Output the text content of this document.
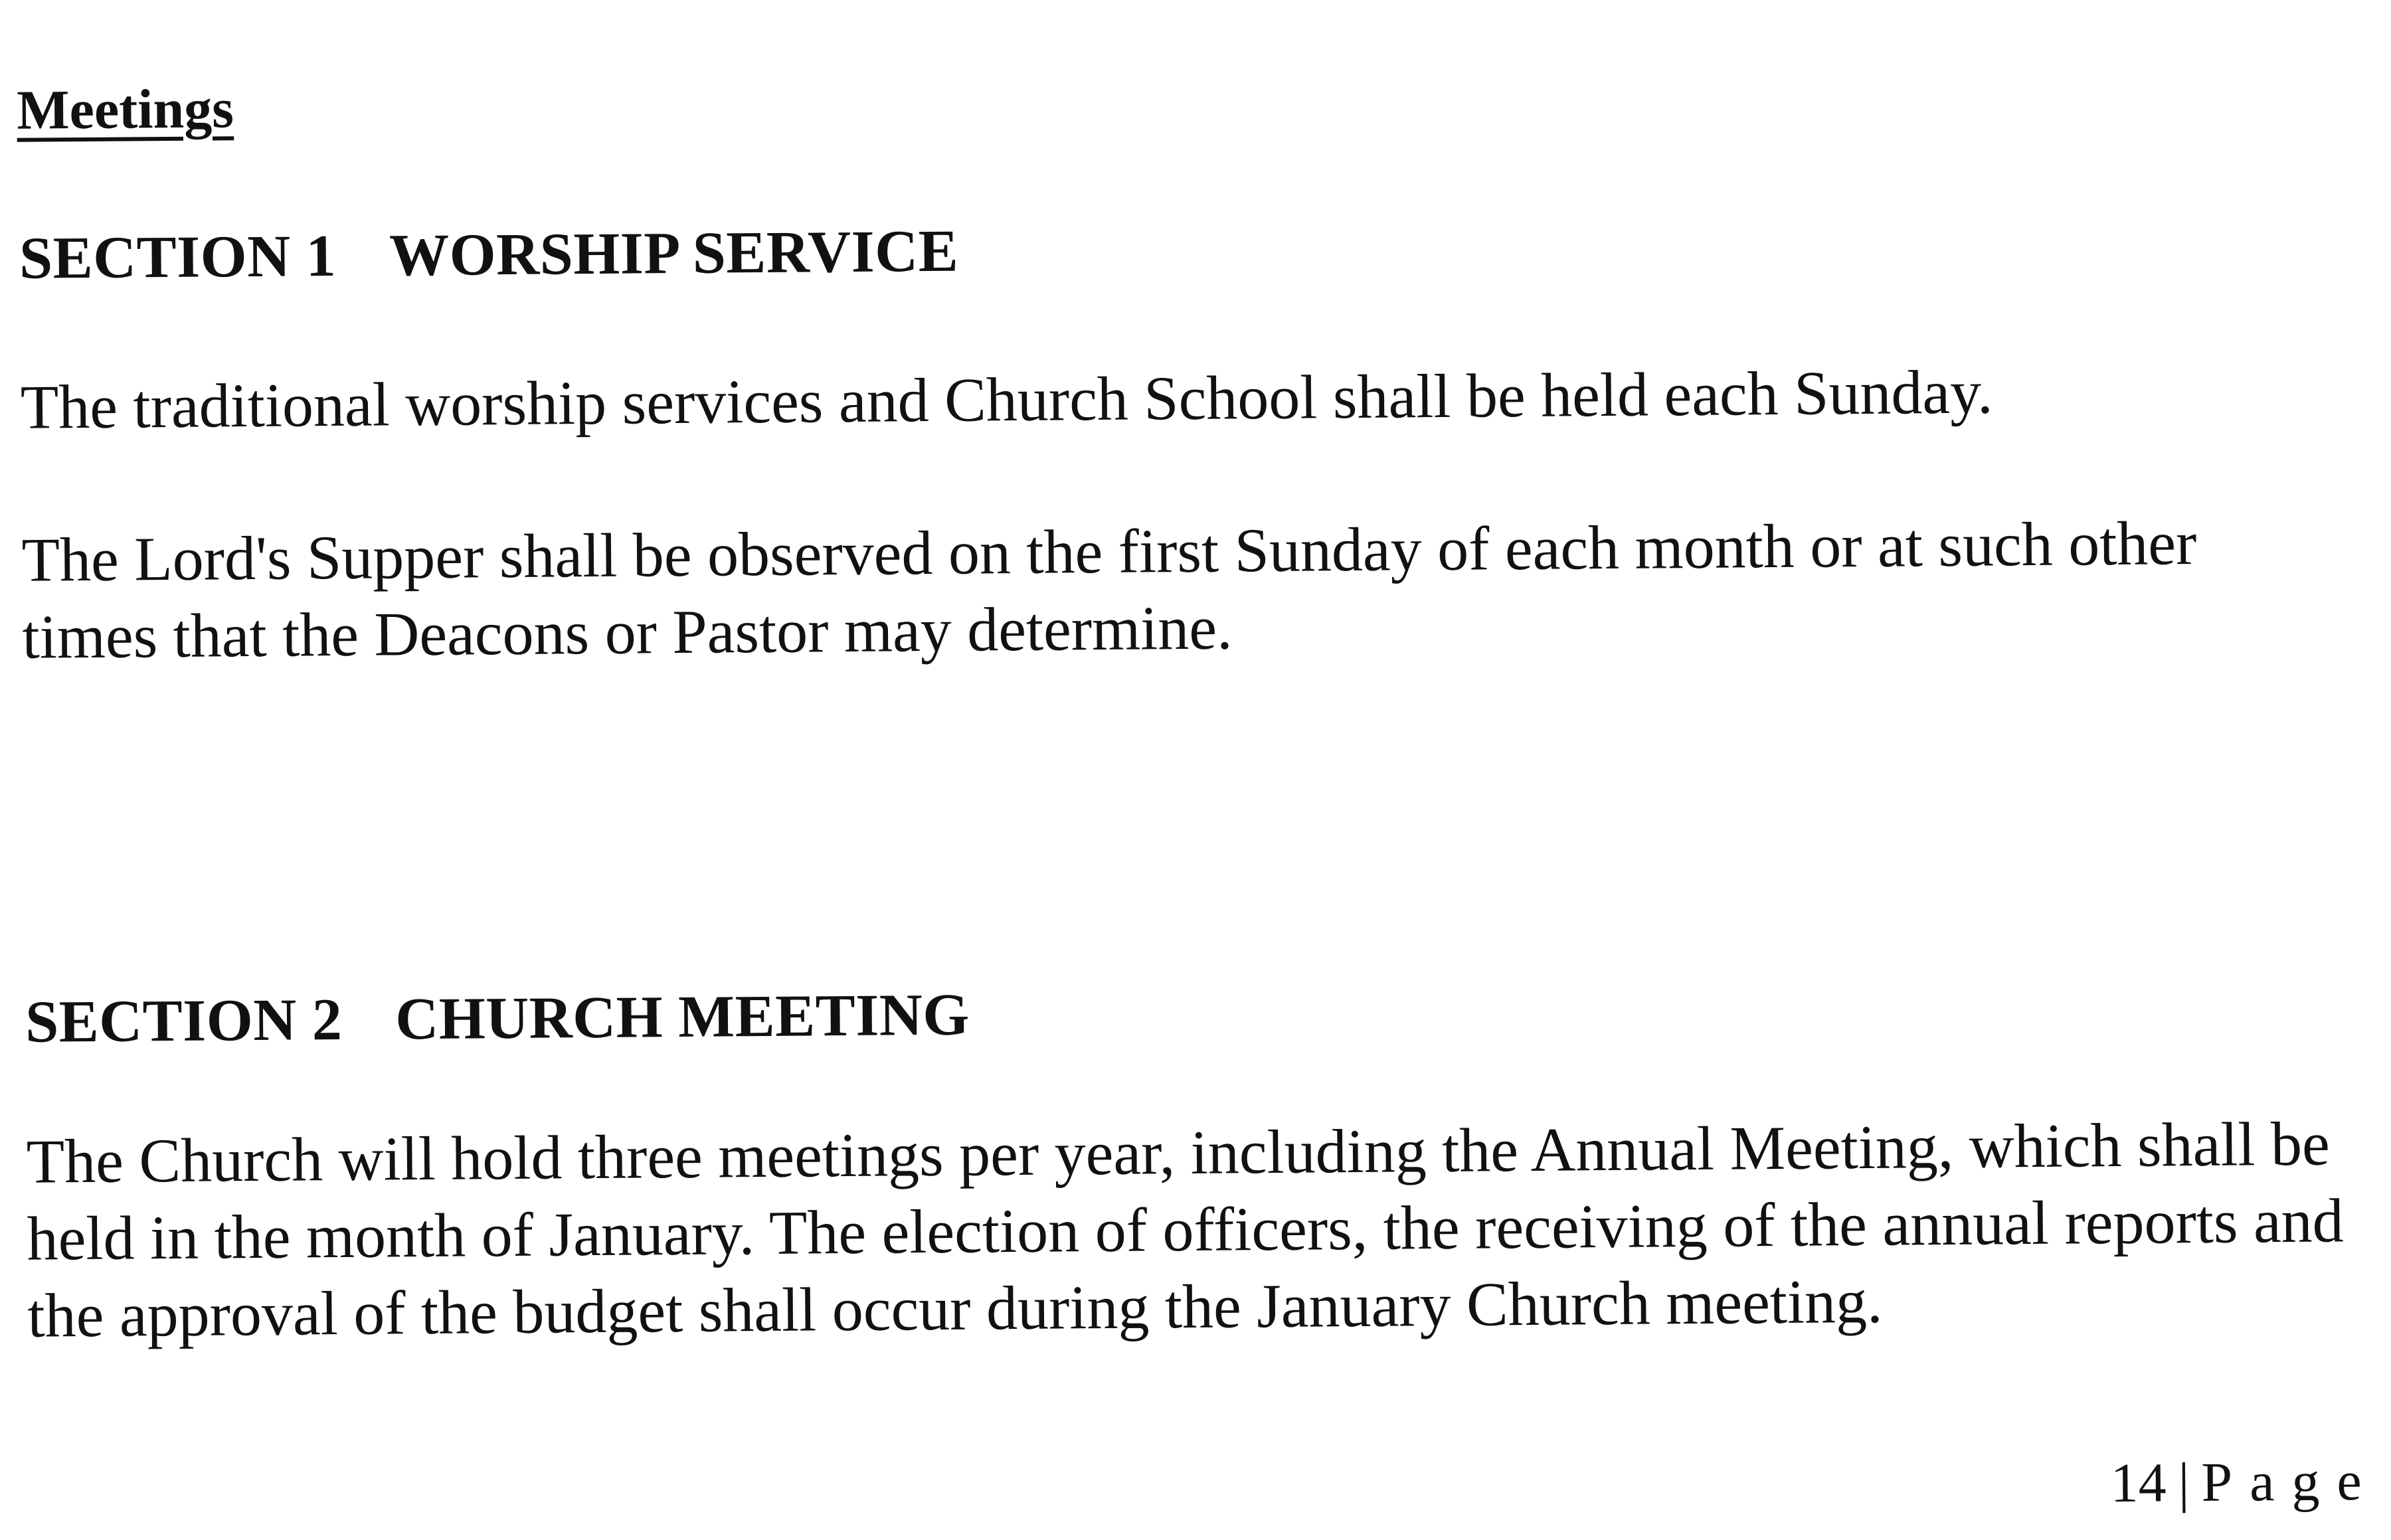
Meetings
SECTION 1 WORSHIP SERVICE

The traditional worship services and Church School shall be held each Sunday.

The Lord's Supper shall be observed on the first Sunday of each month or at such other times that the Deacons or Pastor may determine.

SECTION 2 CHURCH MEETING

The Church will hold three meetings per year, including the Annual Meeting, which shall be held in the month of January. The election of officers, the receiving of the annual reports and the approval of the budget shall occur during the January Church meeting.

14 | Page
